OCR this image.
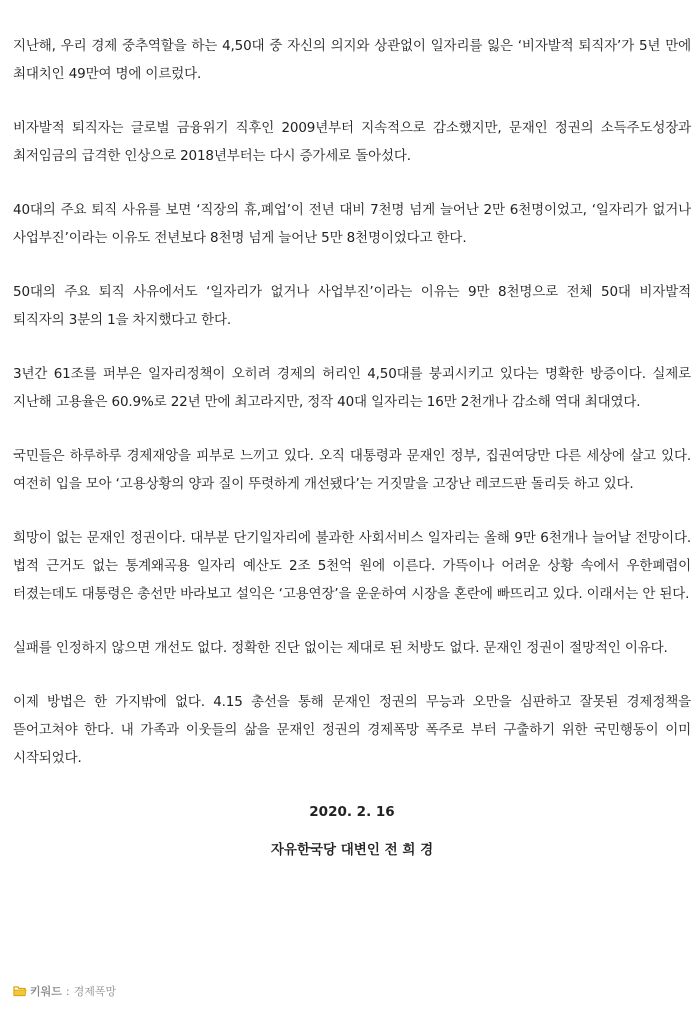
지난해, 우리 경제 중추역할을 하는 4,50대 중 자신의 의지와 상관없이 일자리를 잃은 ‘비자발적 퇴직자’가 5년 만에 최대치인 49만여 명에 이르렀다.

비자발적 퇴직자는 글로벌 금융위기 직후인 2009년부터 지속적으로 감소했지만, 문재인 정권의 소득주도성장과 최저임금의 급격한 인상으로 2018년부터는 다시 증가세로 돌아섰다.

40대의 주요 퇴직 사유를 보면 ‘직장의 휴,폐업’이 전년 대비 7천명 넘게 늘어난 2만 6천명이었고, ‘일자리가 없거나 사업부진’이라는 이유도 전년보다 8천명 넘게 늘어난 5만 8천명이었다고 한다.

50대의 주요 퇴직 사유에서도 ‘일자리가 없거나 사업부진’이라는 이유는 9만 8천명으로 전체 50대 비자발적 퇴직자의 3분의 1을 차지했다고 한다.

3년간 61조를 퍼부은 일자리정책이 오히려 경제의 허리인 4,50대를 붕괴시키고 있다는 명확한 방증이다. 실제로 지난해 고용율은 60.9%로 22년 만에 최고라지만, 정작 40대 일자리는 16만 2천개나 감소해 역대 최대였다.

국민들은 하루하루 경제재앙을 피부로 느끼고 있다. 오직 대통령과 문재인 정부, 집권여당만 다른 세상에 살고 있다. 여전히 입을 모아 ‘고용상황의 양과 질이 뚜렷하게 개선됐다’는 거짓말을 고장난 레코드판 돌리듯 하고 있다.

희망이 없는 문재인 정권이다. 대부분 단기일자리에 불과한 사회서비스 일자리는 올해 9만 6천개나 늘어날 전망이다. 법적 근거도 없는 통계왜곡용 일자리 예산도 2조 5천억 원에 이른다. 가뜩이나 어려운 상황 속에서 우한폐렴이 터졌는데도 대통령은 총선만 바라보고 설익은 ‘고용연장’을 운운하여 시장을 혼란에 빠뜨리고 있다. 이래서는 안 된다.

실패를 인정하지 않으면 개선도 없다. 정확한 진단 없이는 제대로 된 처방도 없다. 문재인 정권이 절망적인 이유다.

이제 방법은 한 가지밖에 없다. 4.15 총선을 통해 문재인 정권의 무능과 오만을 심판하고 잘못된 경제정책을 뜯어고쳐야 한다. 내 가족과 이웃들의 삶을 문재인 정권의 경제폭망 폭주로 부터 구출하기 위한 국민행동이 이미 시작되었다.

2020. 2. 16
자유한국당 대변인 전 희 경
키워드 : 경제폭망
